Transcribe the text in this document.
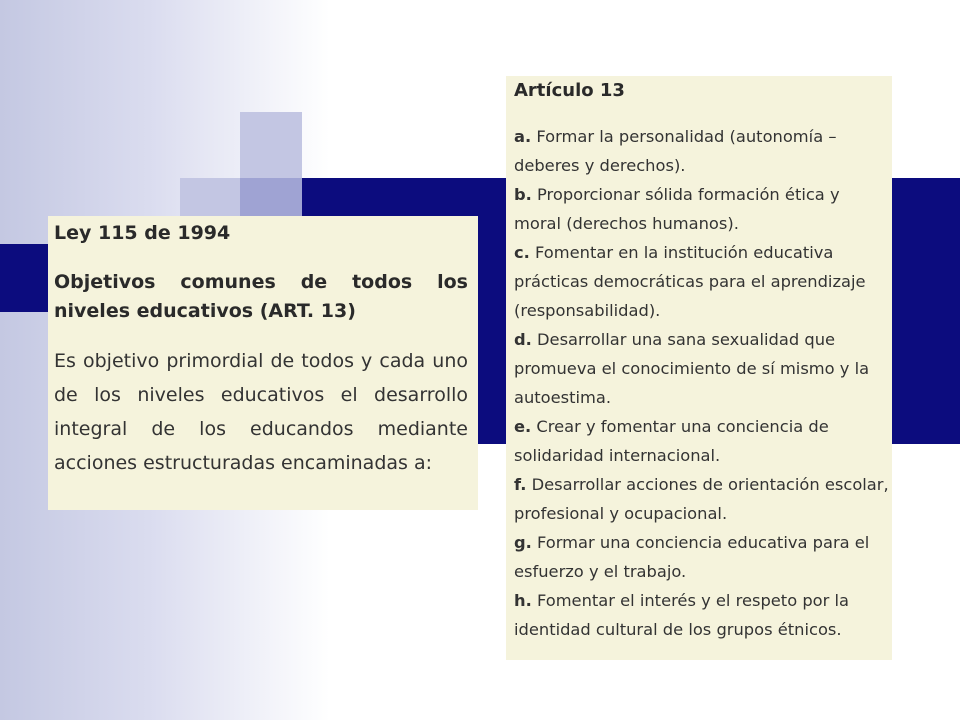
Ley 115 de 1994
Objetivos comunes de todos los niveles educativos (ART. 13)
Es objetivo primordial de todos y cada uno de los niveles educativos el desarrollo integral de los educandos mediante acciones estructuradas encaminadas a:
Artículo 13

a. Formar la personalidad (autonomía – deberes y derechos).

b. Proporcionar sólida formación ética y moral (derechos humanos).

c. Fomentar en la institución educativa prácticas democráticas para el aprendizaje (responsabilidad).

d. Desarrollar una sana sexualidad que promueva el conocimiento de sí mismo y la autoestima.

e. Crear y fomentar una conciencia de solidaridad internacional.

f. Desarrollar acciones de orientación escolar, profesional y ocupacional.

g. Formar una conciencia educativa para el esfuerzo y el trabajo.

h. Fomentar el interés y el respeto por la identidad cultural de los grupos étnicos.
